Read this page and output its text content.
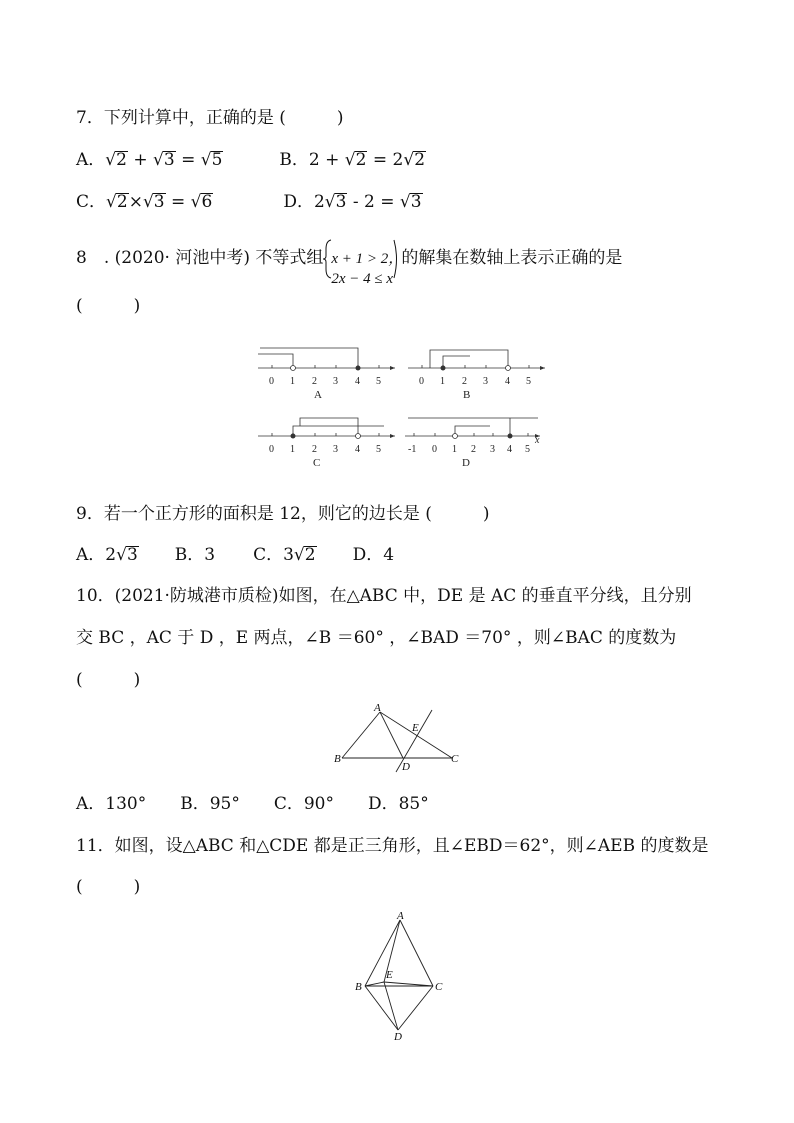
7．下列计算中，正确的是 (　　　)
A．√2 + √3 = √5	B．2 + √2 = 2√2
C．√2×√3 = √6	D．2√3 - 2 = √3
8　. (2020· 河池中考) 不等式组 x + 1 > 2，
2x − 4 ≤ x
的解集在数轴上表示正确的是
(　　　)
0 1 2 3 4 5
A
0 1 2 3 4 5
B
0 1 2 3 4 5
C
-1 0 1 2 3 4 5
x
D
9．若一个正方形的面积是 12，则它的边长是 (　　　)
A．2√3 B．3 C．3√2 D．4
10．(2021·防城港市质检)如图，在△ABC 中，DE 是 AC 的垂直平分线，且分别
交 BC ，AC 于 D ，E 两点，∠B ＝60° ，∠BAD ＝70° ，则∠BAC 的度数为
(　　　)
A
B	C
D
E
A．130°　　B．95°　　C．90°　　D．85°
11．如图，设△ABC 和△CDE 都是正三角形，且∠EBD＝62°，则∠AEB 的度数是
(　　　)
A
B	C
D
E
